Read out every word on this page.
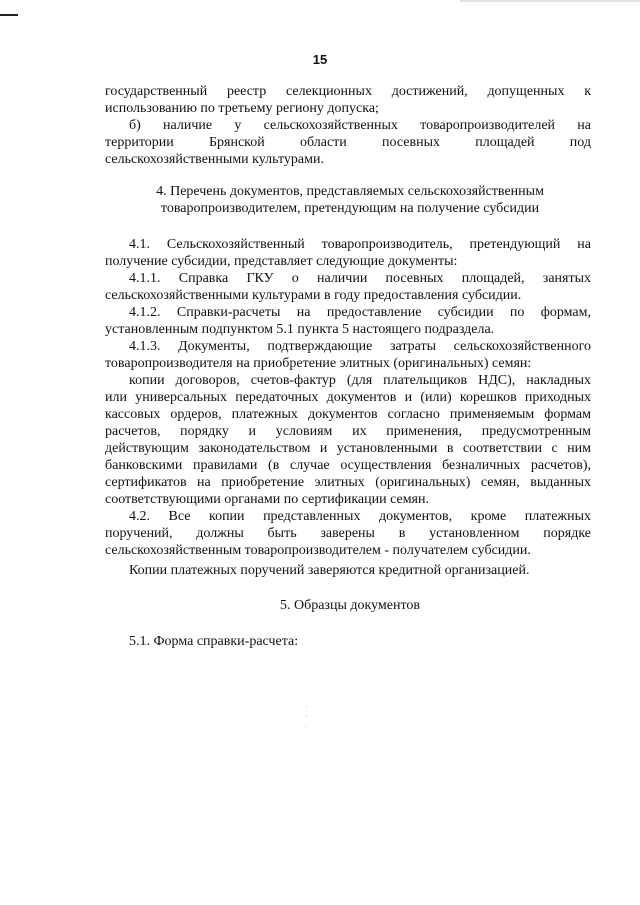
15
государственный реестр селекционных достижений, допущенных к
использованию по третьему региону допуска;
б) наличие у сельскохозяйственных товаропроизводителей на
территории Брянской области посевных площадей под
сельскохозяйственными культурами.
4. Перечень документов, представляемых сельскохозяйственным
товаропроизводителем, претендующим на получение субсидии
4.1. Сельскохозяйственный товаропроизводитель, претендующий на
получение субсидии, представляет следующие документы:
4.1.1. Справка ГКУ о наличии посевных площадей, занятых
сельскохозяйственными культурами в году предоставления субсидии.
4.1.2. Справки-расчеты на предоставление субсидии по формам,
установленным подпунктом 5.1 пункта 5 настоящего подраздела.
4.1.3. Документы, подтверждающие затраты сельскохозяйственного
товаропроизводителя на приобретение элитных (оригинальных) семян:
копии договоров, счетов-фактур (для плательщиков НДС), накладных
или универсальных передаточных документов и (или) корешков приходных
кассовых ордеров, платежных документов согласно применяемым формам
расчетов, порядку и условиям их применения, предусмотренным
действующим законодательством и установленными в соответствии с ним
банковскими правилами (в случае осуществления безналичных расчетов),
сертификатов на приобретение элитных (оригинальных) семян, выданных
соответствующими органами по сертификации семян.
4.2. Все копии представленных документов, кроме платежных
поручений, должны быть заверены в установленном порядке
сельскохозяйственным товаропроизводителем - получателем субсидии.
Копии платежных поручений заверяются кредитной организацией.
5. Образцы документов
5.1. Форма справки-расчета:
